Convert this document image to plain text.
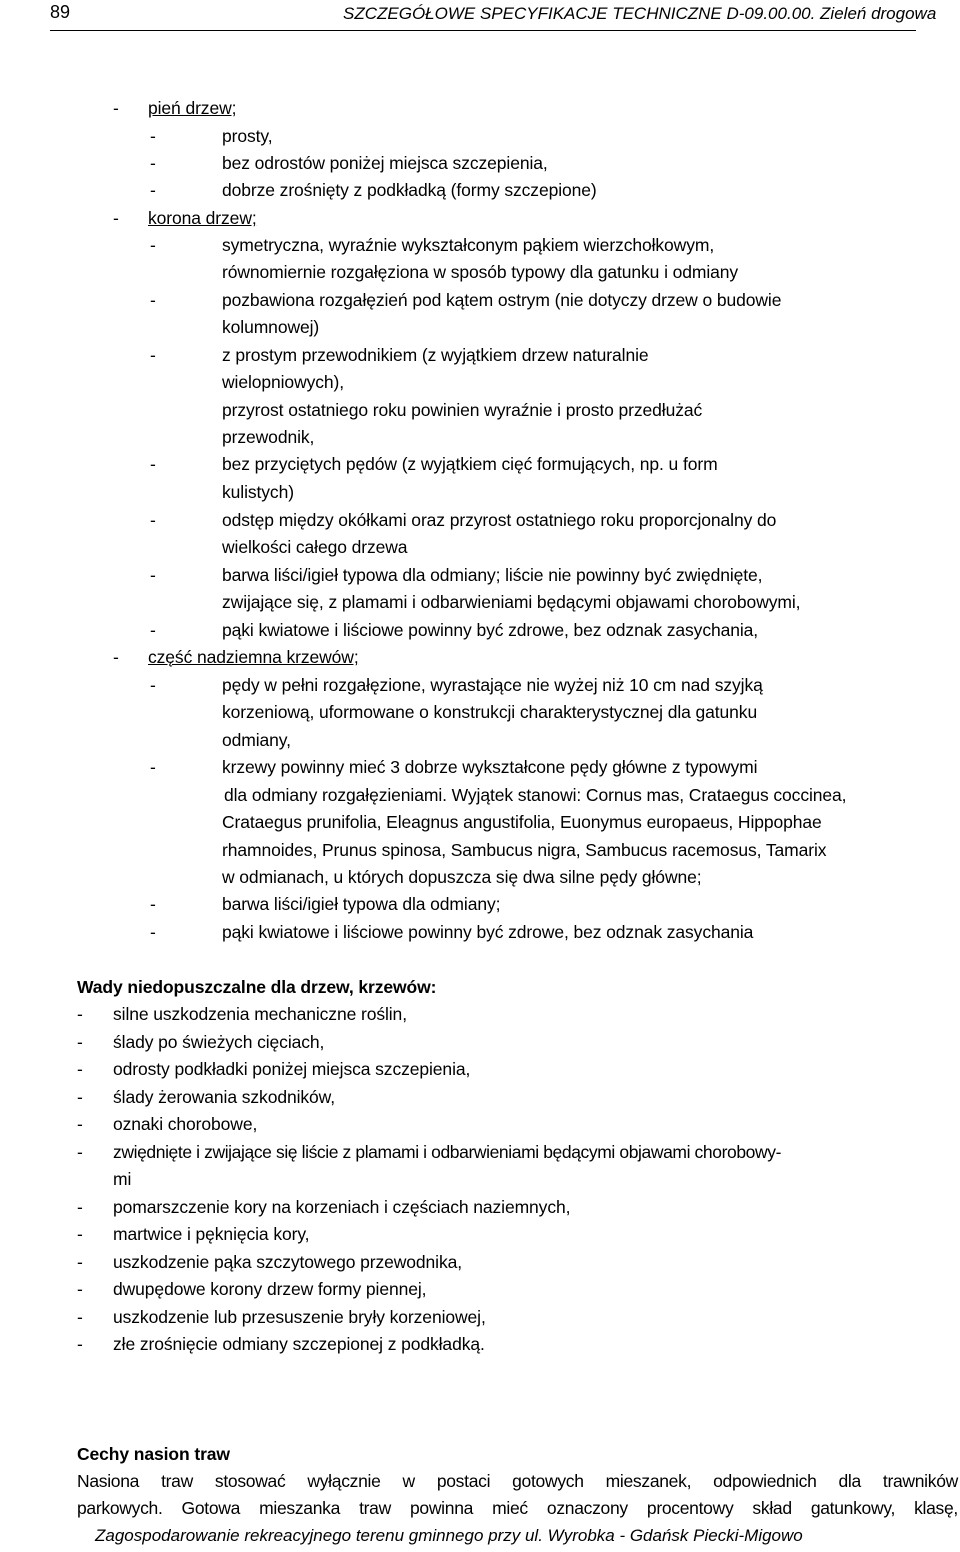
89	SZCZEGÓŁOWE SPECYFIKACJE TECHNICZNE D-09.00.00. Zieleń drogowa
- pień drzew;
-	prosty,
-	bez odrostów poniżej miejsca szczepienia,
-	dobrze zrośnięty z podkładką (formy szczepione)
- korona drzew;
-	symetryczna, wyraźnie wykształconym pąkiem wierzchołkowym,
równomiernie rozgałęziona w sposób typowy dla gatunku i odmiany
-	pozbawiona rozgałęzień pod kątem ostrym (nie dotyczy drzew o budowie
kolumnowej)
-	z prostym przewodnikiem (z wyjątkiem drzew naturalnie
wielopniowych),
przyrost ostatniego roku powinien wyraźnie i prosto przedłużać
przewodnik,
-	bez przyciętych pędów (z wyjątkiem cięć formujących, np. u form
kulistych)
-	odstęp między okółkami oraz przyrost ostatniego roku proporcjonalny do
wielkości całego drzewa
-	barwa liści/igieł typowa dla odmiany; liście nie powinny być zwiędnięte,
zwijające się, z plamami i odbarwieniami będącymi objawami chorobowymi,
-	pąki kwiatowe i liściowe powinny być zdrowe, bez odznak zasychania,
- część nadziemna krzewów;
-	pędy w pełni rozgałęzione, wyrastające nie wyżej niż 10 cm nad szyjką
korzeniową, uformowane o konstrukcji charakterystycznej dla gatunku
odmiany,
-	krzewy powinny mieć 3 dobrze wykształcone pędy główne z typowymi
dla odmiany rozgałęzieniami. Wyjątek stanowi: Cornus mas, Crataegus coccinea,
Crataegus prunifolia, Eleagnus angustifolia, Euonymus europaeus, Hippophae
rhamnoides, Prunus spinosa, Sambucus nigra, Sambucus racemosus, Tamarix
w odmianach, u których dopuszcza się dwa silne pędy główne;
-	barwa liści/igieł typowa dla odmiany;
-	pąki kwiatowe i liściowe powinny być zdrowe, bez odznak zasychania
Wady niedopuszczalne dla drzew, krzewów:
- silne uszkodzenia mechaniczne roślin,
- ślady po świeżych cięciach,
- odrosty podkładki poniżej miejsca szczepienia,
- ślady żerowania szkodników,
- oznaki chorobowe,
- zwiędnięte i zwijające się liście z plamami i odbarwieniami będącymi objawami chorobowy-
mi
- pomarszczenie kory na korzeniach i częściach naziemnych,
- martwice i pęknięcia kory,
- uszkodzenie pąka szczytowego przewodnika,
- dwupędowe korony drzew formy piennej,
- uszkodzenie lub przesuszenie bryły korzeniowej,
- złe zrośnięcie odmiany szczepionej z podkładką.
Cechy nasion traw
Nasiona traw stosować wyłącznie w postaci gotowych mieszanek, odpowiednich dla trawników
parkowych. Gotowa mieszanka traw powinna mieć oznaczony procentowy skład gatunkowy, klasę,
Zagospodarowanie rekreacyjnego terenu gminnego przy ul. Wyrobka - Gdańsk Piecki-Migowo
